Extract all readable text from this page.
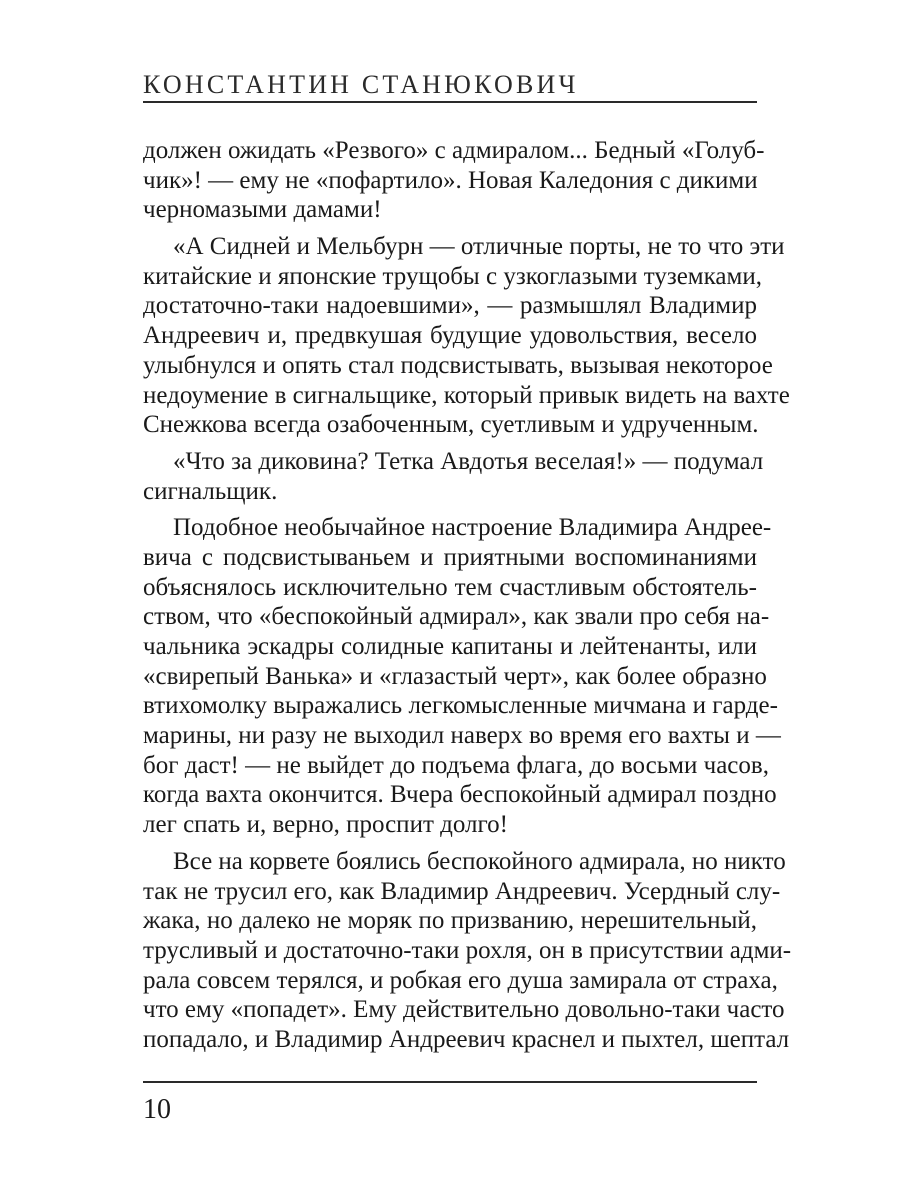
КОНСТАНТИН СТАНЮКОВИЧ
должен ожидать «Резвого» с адмиралом... Бедный «Голуб-
чик»! — ему не «пофартило». Новая Каледония с дикими
черномазыми дамами!
«А Сидней и Мельбурн — отличные порты, не то что эти
китайские и японские трущобы с узкоглазыми туземками,
достаточно-таки надоевшими», — размышлял Владимир
Андреевич и, предвкушая будущие удовольствия, весело
улыбнулся и опять стал подсвистывать, вызывая некоторое
недоумение в сигнальщике, который привык видеть на вахте
Снежкова всегда озабоченным, суетливым и удрученным.
«Что за диковина? Тетка Авдотья веселая!» — подумал
сигнальщик.
Подобное необычайное настроение Владимира Андрее-
вича с подсвистываньем и приятными воспоминаниями
объяснялось исключительно тем счастливым обстоятель-
ством, что «беспокойный адмирал», как звали про себя на-
чальника эскадры солидные капитаны и лейтенанты, или
«свирепый Ванька» и «глазастый черт», как более образно
втихомолку выражались легкомысленные мичмана и гарде-
марины, ни разу не выходил наверх во время его вахты и —
бог даст! — не выйдет до подъема флага, до восьми часов,
когда вахта окончится. Вчера беспокойный адмирал поздно
лег спать и, верно, проспит долго!
Все на корвете боялись беспокойного адмирала, но никто
так не трусил его, как Владимир Андреевич. Усердный слу-
жака, но далеко не моряк по призванию, нерешительный,
трусливый и достаточно-таки рохля, он в присутствии адми-
рала совсем терялся, и робкая его душа замирала от страха,
что ему «попадет». Ему действительно довольно-таки часто
попадало, и Владимир Андреевич краснел и пыхтел, шептал
10
